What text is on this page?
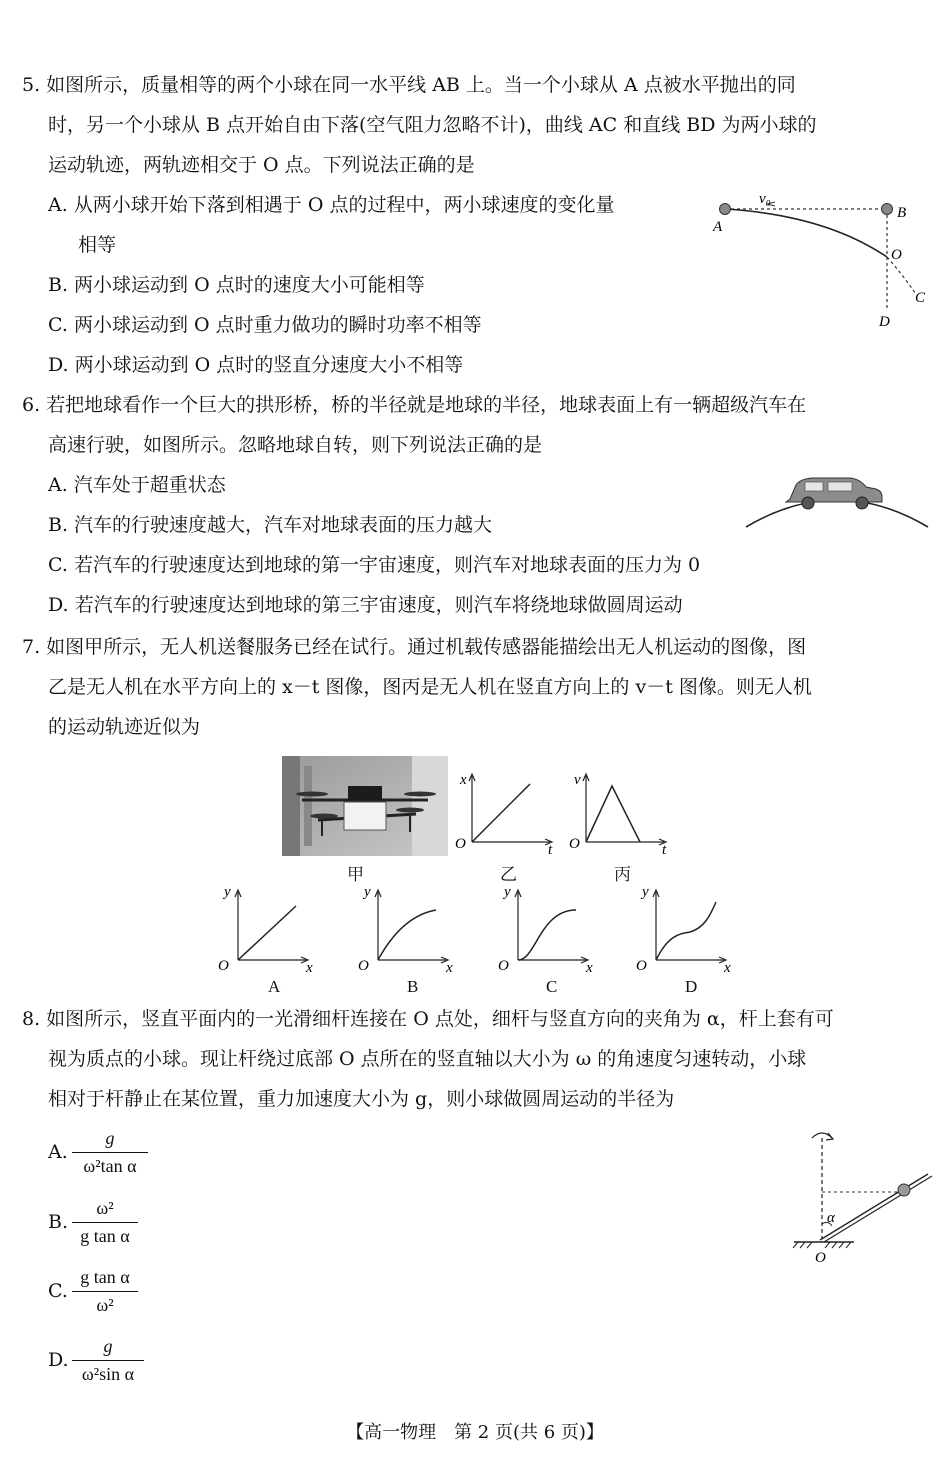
5. 如图所示，质量相等的两个小球在同一水平线 AB 上。当一个小球从 A 点被水平抛出的同
时，另一个小球从 B 点开始自由下落(空气阻力忽略不计)，曲线 AC 和直线 BD 为两小球的
运动轨迹，两轨迹相交于 O 点。下列说法正确的是
A. 从两小球开始下落到相遇于 O 点的过程中，两小球速度的变化量
相等
B. 两小球运动到 O 点时的速度大小可能相等
C. 两小球运动到 O 点时重力做功的瞬时功率不相等
D. 两小球运动到 O 点时的竖直分速度大小不相等
v₀
A
B
O
C
D
6. 若把地球看作一个巨大的拱形桥，桥的半径就是地球的半径，地球表面上有一辆超级汽车在
高速行驶，如图所示。忽略地球自转，则下列说法正确的是
A. 汽车处于超重状态
B. 汽车的行驶速度越大，汽车对地球表面的压力越大
C. 若汽车的行驶速度达到地球的第一宇宙速度，则汽车对地球表面的压力为 0
D. 若汽车的行驶速度达到地球的第三宇宙速度，则汽车将绕地球做圆周运动
7. 如图甲所示，无人机送餐服务已经在试行。通过机载传感器能描绘出无人机运动的图像，图
乙是无人机在水平方向上的 x－t 图像，图丙是无人机在竖直方向上的 v－t 图像。则无人机
的运动轨迹近似为
甲
x
t
O
乙
v
t
O
丙
y
x
O
A
y
x
O
B
y
x
O
C
y
x
O
D
8. 如图所示，竖直平面内的一光滑细杆连接在 O 点处，细杆与竖直方向的夹角为 α，杆上套有可
视为质点的小球。现让杆绕过底部 O 点所在的竖直轴以大小为 ω 的角速度匀速转动，小球
相对于杆静止在某位置，重力加速度大小为 g，则小球做圆周运动的半径为
A.
g
ω²tan α
B.
ω²
g tan α
C.
g tan α
ω²
D.
g
ω²sin α
α
O
【高一物理　第 2 页(共 6 页)】
